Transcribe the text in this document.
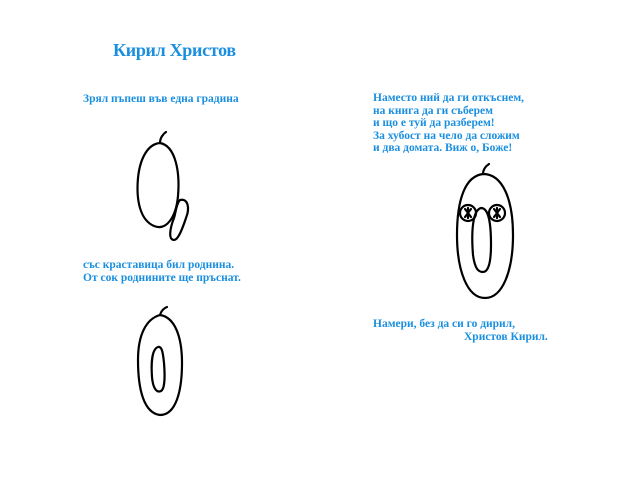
Кирил Христов
Зрял пъпеш във една градина
със краставица бил роднина.
От сок роднините ще пръснат.
Наместо ний да ги откъснем,
на книга да ги съберем
и що е туй да разберем!
За хубост на чело да сложим
и два домата. Виж о, Боже!
Намери, без да си го дирил,
Христов Кирил.
